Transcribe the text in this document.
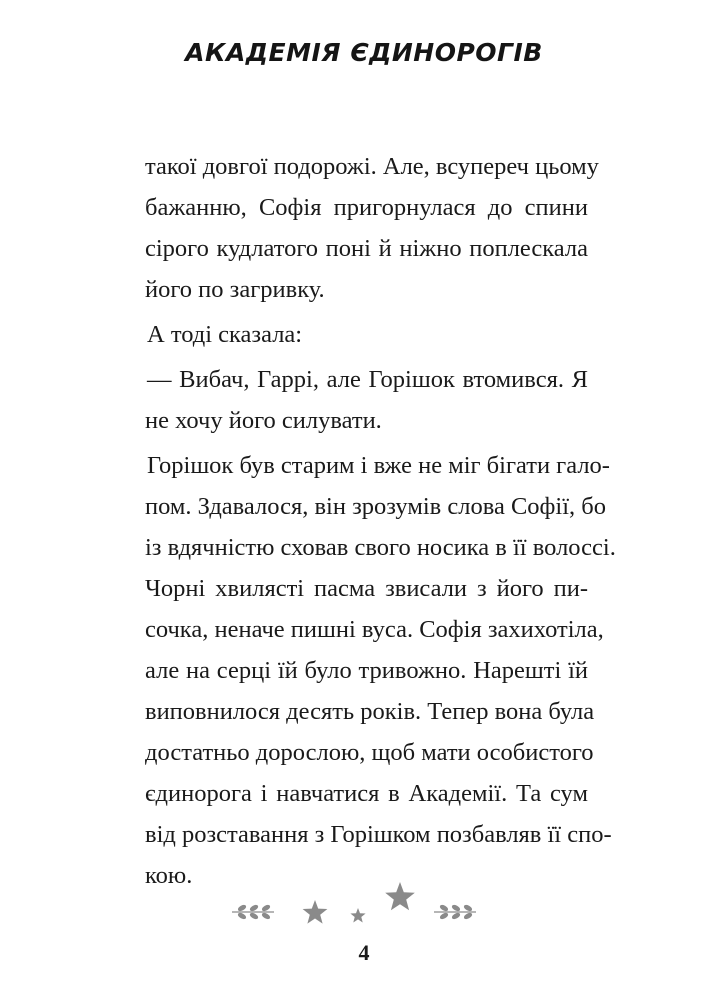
АКАДЕМІЯ ЄДИНОРОГІВ
такої довгої подорожі. Але, всупереч цьому
бажанню, Софія пригорнулася до спини
сірого кудлатого поні й ніжно поплескала
його по загривку.
А тоді сказала:
— Вибач, Гаррі, але Горішок втомився. Я
не хочу його силувати.
Горішок був старим і вже не міг бігати гало-
пом. Здавалося, він зрозумів слова Софії, бо
із вдячністю сховав свого носика в її волоссі.
Чорні хвилясті пасма звисали з його пи-
сочка, неначе пишні вуса. Софія захихотіла,
але на серці їй було тривожно. Нарешті їй
виповнилося десять років. Тепер вона була
достатньо дорослою, щоб мати особистого
єдинорога і навчатися в Академії. Та сум
від розставання з Горішком позбавляв її спо-
кою.
4
